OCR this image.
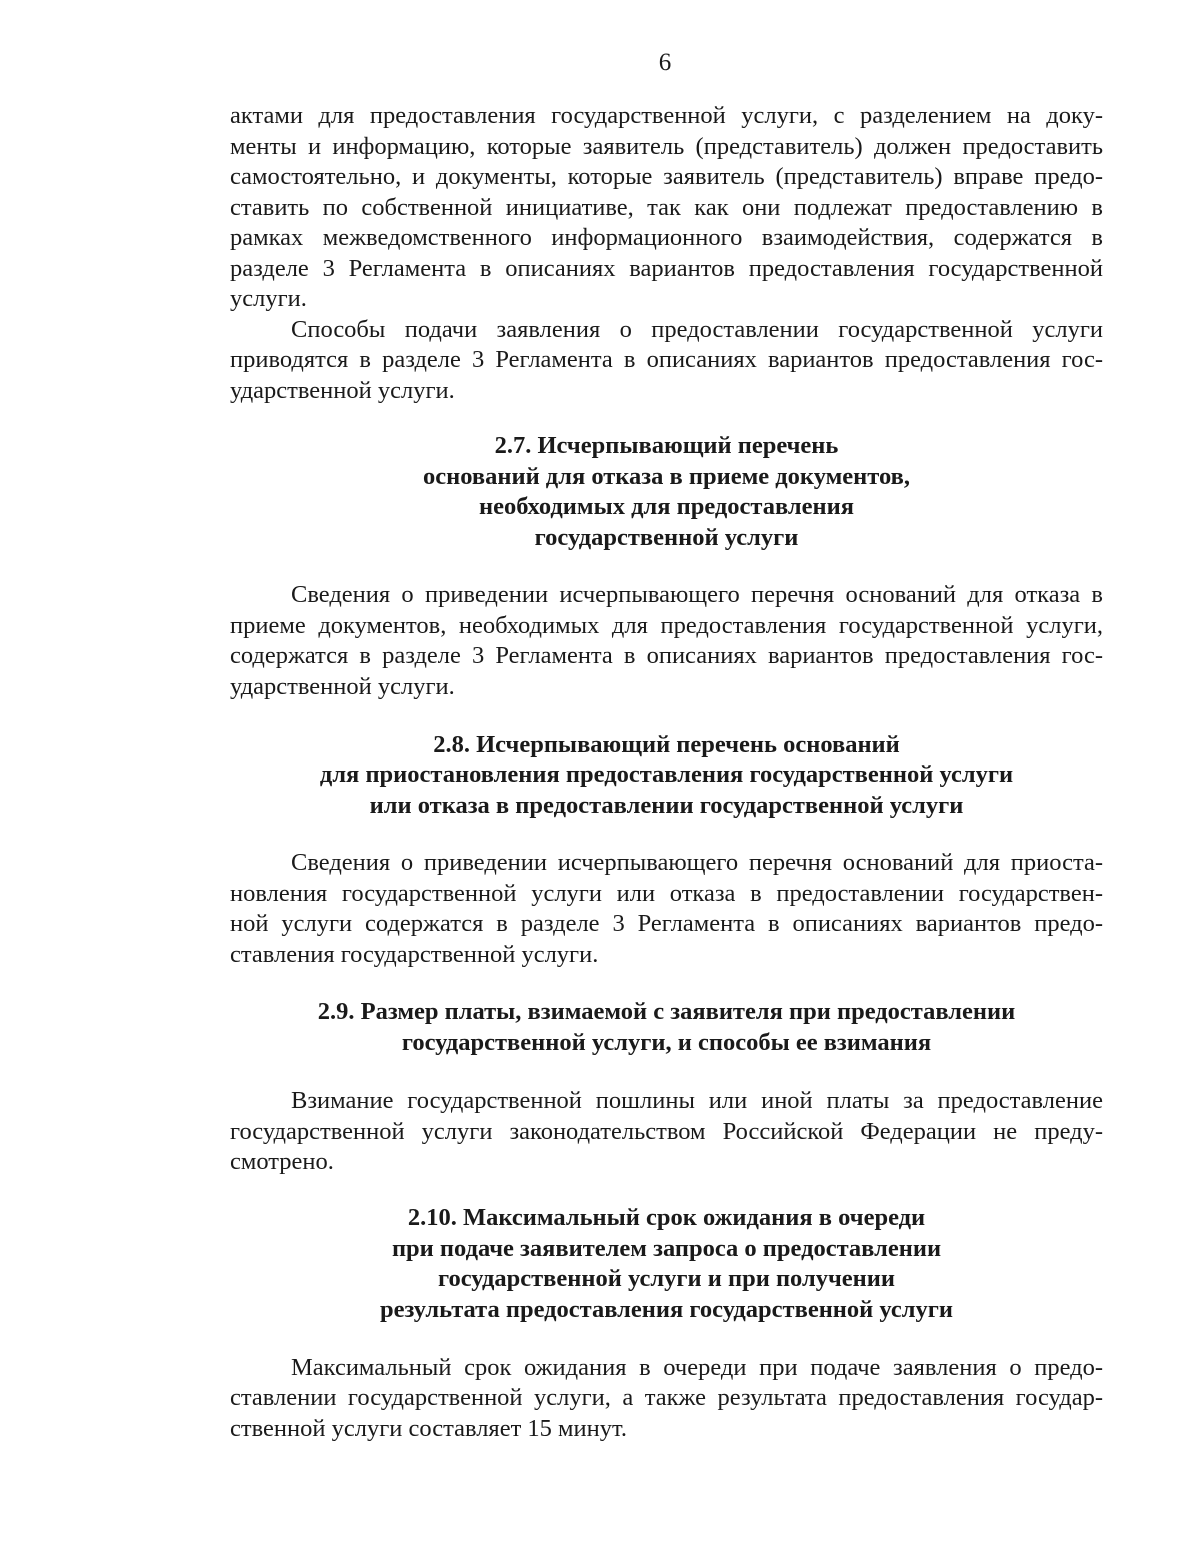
6
актами для предоставления государственной услуги, с разделением на доку-
менты и информацию, которые заявитель (представитель) должен предоставить
самостоятельно, и документы, которые заявитель (представитель) вправе предо-
ставить по собственной инициативе, так как они подлежат предоставлению в
рамках межведомственного информационного взаимодействия, содержатся в
разделе 3 Регламента в описаниях вариантов предоставления государственной
услуги.
Способы подачи заявления о предоставлении государственной услуги
приводятся в разделе 3 Регламента в описаниях вариантов предоставления гос-
ударственной услуги.
2.7. Исчерпывающий перечень
оснований для отказа в приеме документов,
необходимых для предоставления
государственной услуги
Сведения о приведении исчерпывающего перечня оснований для отказа в
приеме документов, необходимых для предоставления государственной услуги,
содержатся в разделе 3 Регламента в описаниях вариантов предоставления гос-
ударственной услуги.
2.8. Исчерпывающий перечень оснований
для приостановления предоставления государственной услуги
или отказа в предоставлении государственной услуги
Сведения о приведении исчерпывающего перечня оснований для приоста-
новления государственной услуги или отказа в предоставлении государствен-
ной услуги содержатся в разделе 3 Регламента в описаниях вариантов предо-
ставления государственной услуги.
2.9. Размер платы, взимаемой с заявителя при предоставлении
государственной услуги, и способы ее взимания
Взимание государственной пошлины или иной платы за предоставление
государственной услуги законодательством Российской Федерации не преду-
смотрено.
2.10. Максимальный срок ожидания в очереди
при подаче заявителем запроса о предоставлении
государственной услуги и при получении
результата предоставления государственной услуги
Максимальный срок ожидания в очереди при подаче заявления о предо-
ставлении государственной услуги, а также результата предоставления государ-
ственной услуги составляет 15 минут.
